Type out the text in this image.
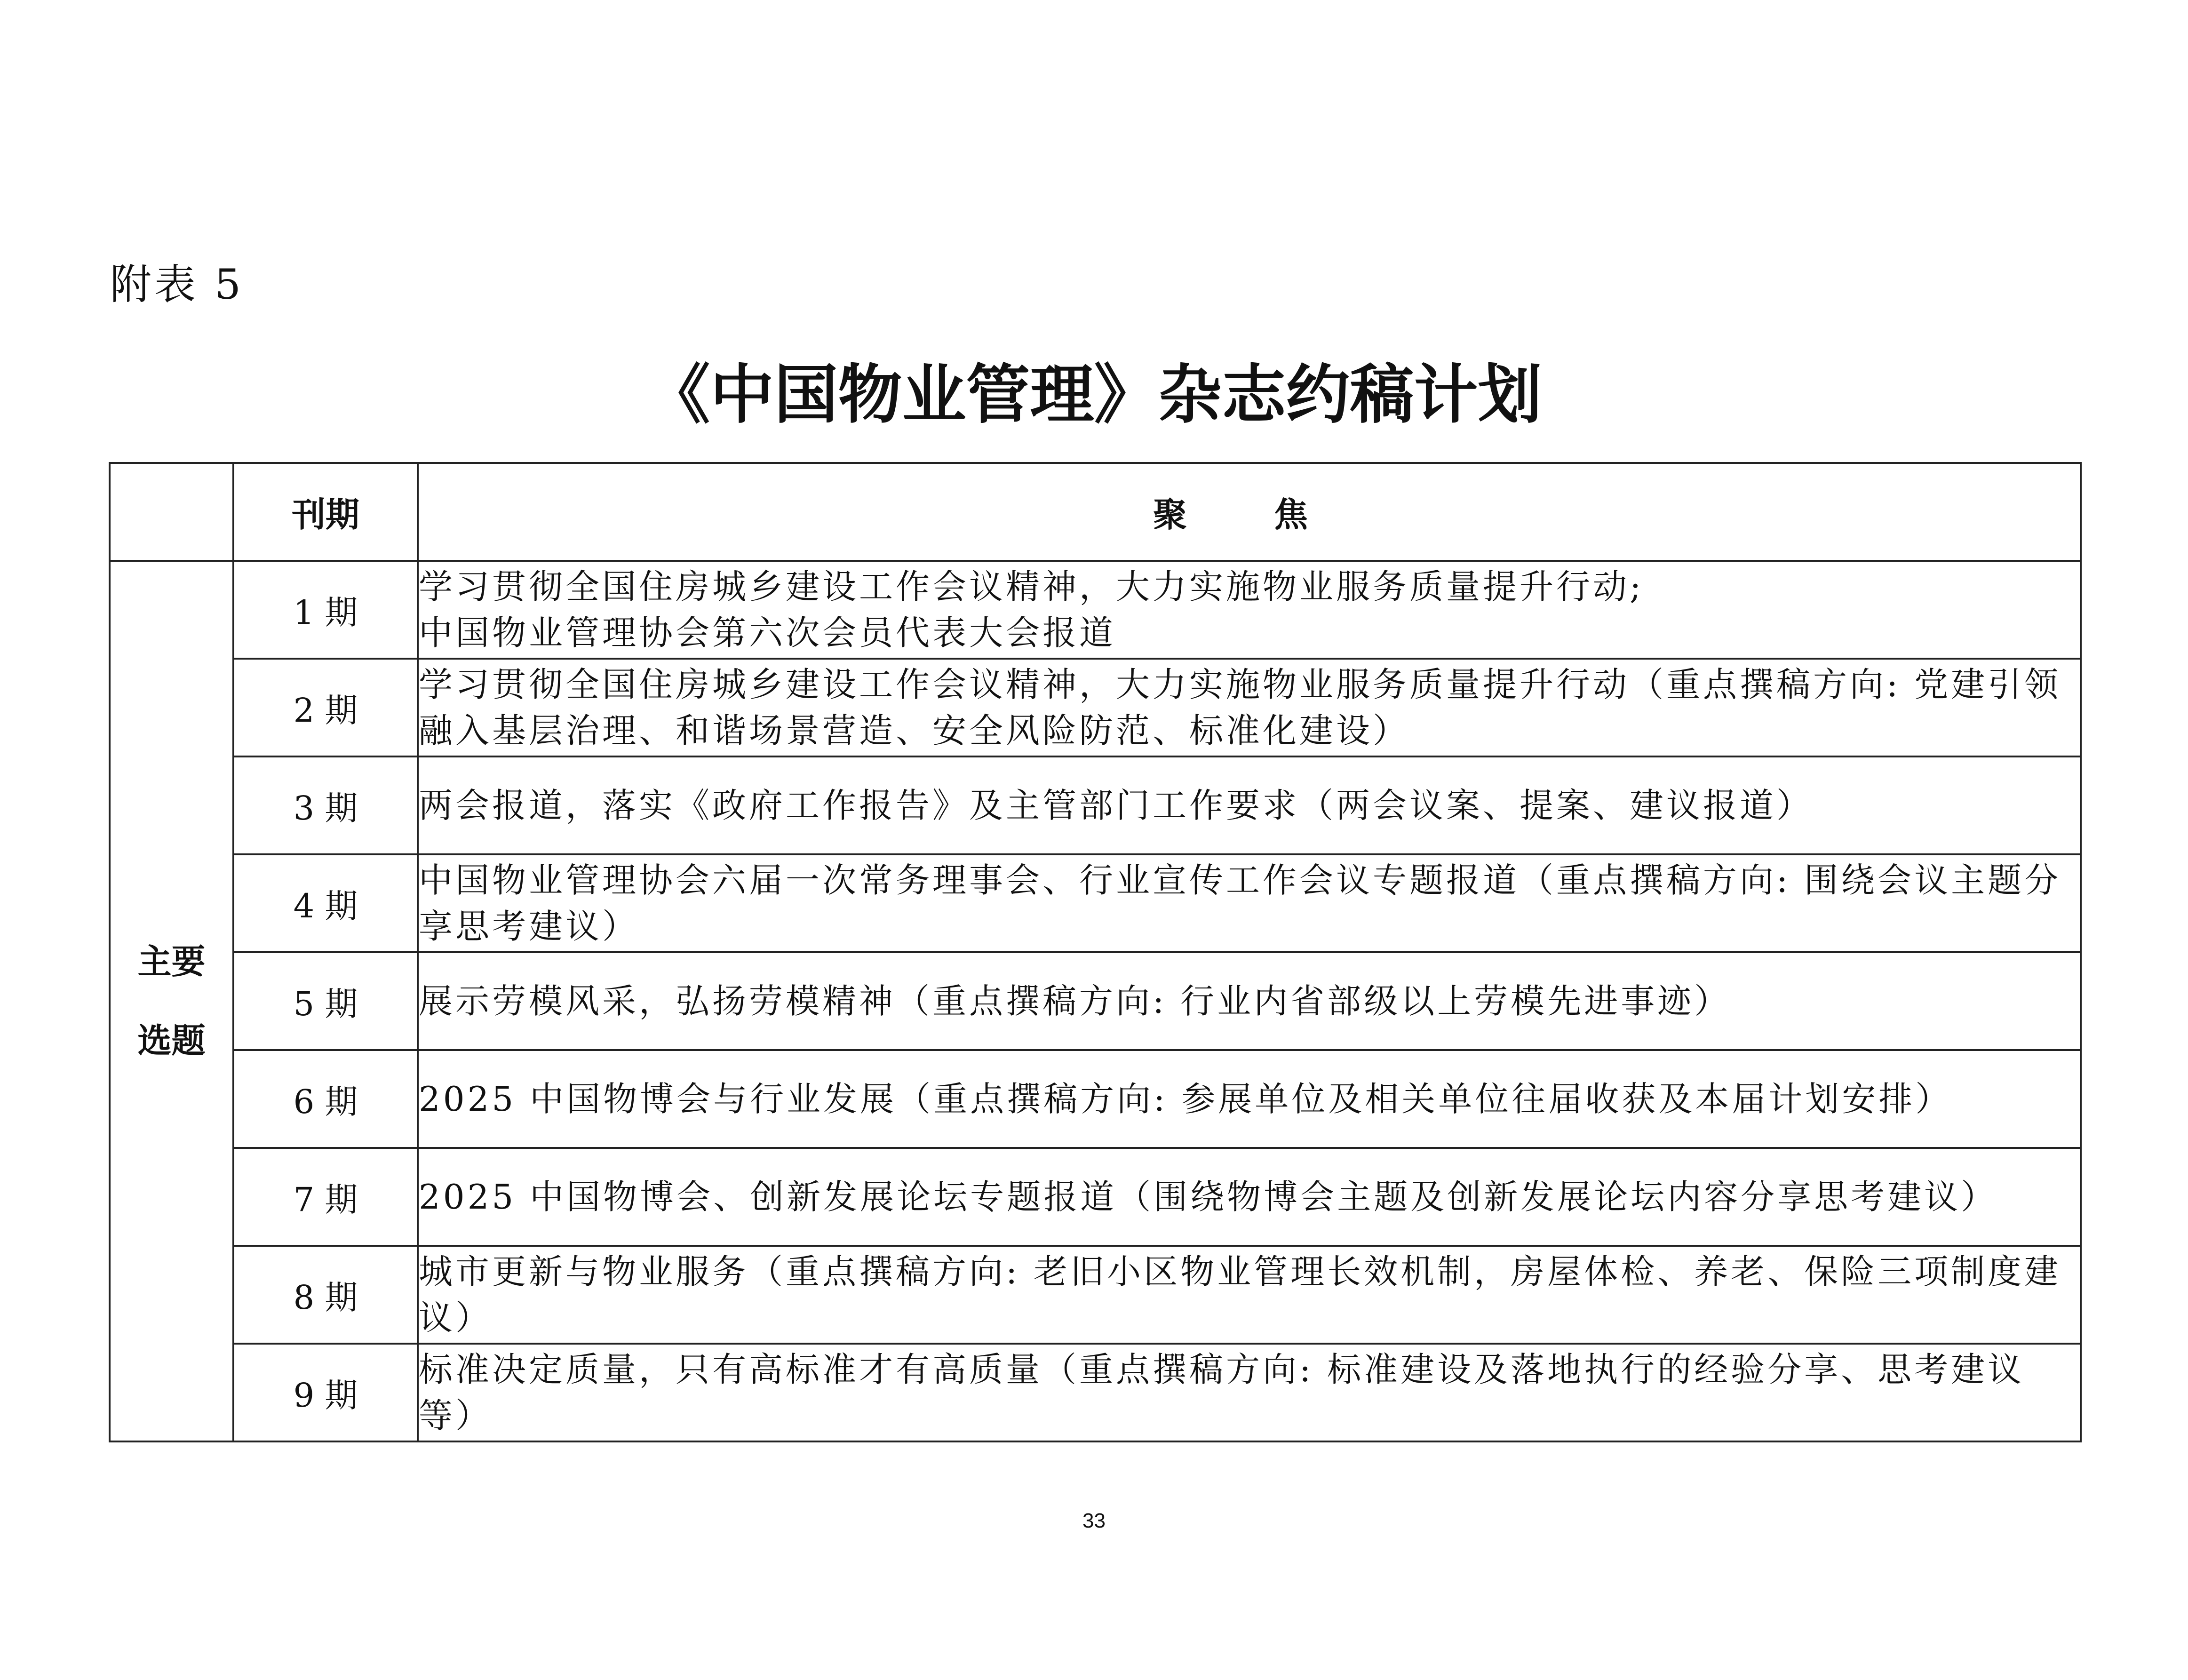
附表 5
《中国物业管理》杂志约稿计划
	刊期	聚 焦

主要
选题	1 期	学习贯彻全国住房城乡建设工作会议精神，大力实施物业服务质量提升行动;
中国物业管理协会第六次会员代表大会报道
	2 期	学习贯彻全国住房城乡建设工作会议精神，大力实施物业服务质量提升行动（重点撰稿方向: 党建引领融入基层治理、和谐场景营造、安全风险防范、标准化建设）
	3 期	两会报道，落实《政府工作报告》及主管部门工作要求（两会议案、提案、建议报道）
	4 期	中国物业管理协会六届一次常务理事会、行业宣传工作会议专题报道（重点撰稿方向: 围绕会议主题分享思考建议）
	5 期	展示劳模风采，弘扬劳模精神（重点撰稿方向: 行业内省部级以上劳模先进事迹）
	6 期	2025 中国物博会与行业发展（重点撰稿方向: 参展单位及相关单位往届收获及本届计划安排）
	7 期	2025 中国物博会、创新发展论坛专题报道（围绕物博会主题及创新发展论坛内容分享思考建议）
	8 期	城市更新与物业服务（重点撰稿方向: 老旧小区物业管理长效机制，房屋体检、养老、保险三项制度建议）
	9 期	标准决定质量，只有高标准才有高质量（重点撰稿方向: 标准建设及落地执行的经验分享、思考建议等）
33
